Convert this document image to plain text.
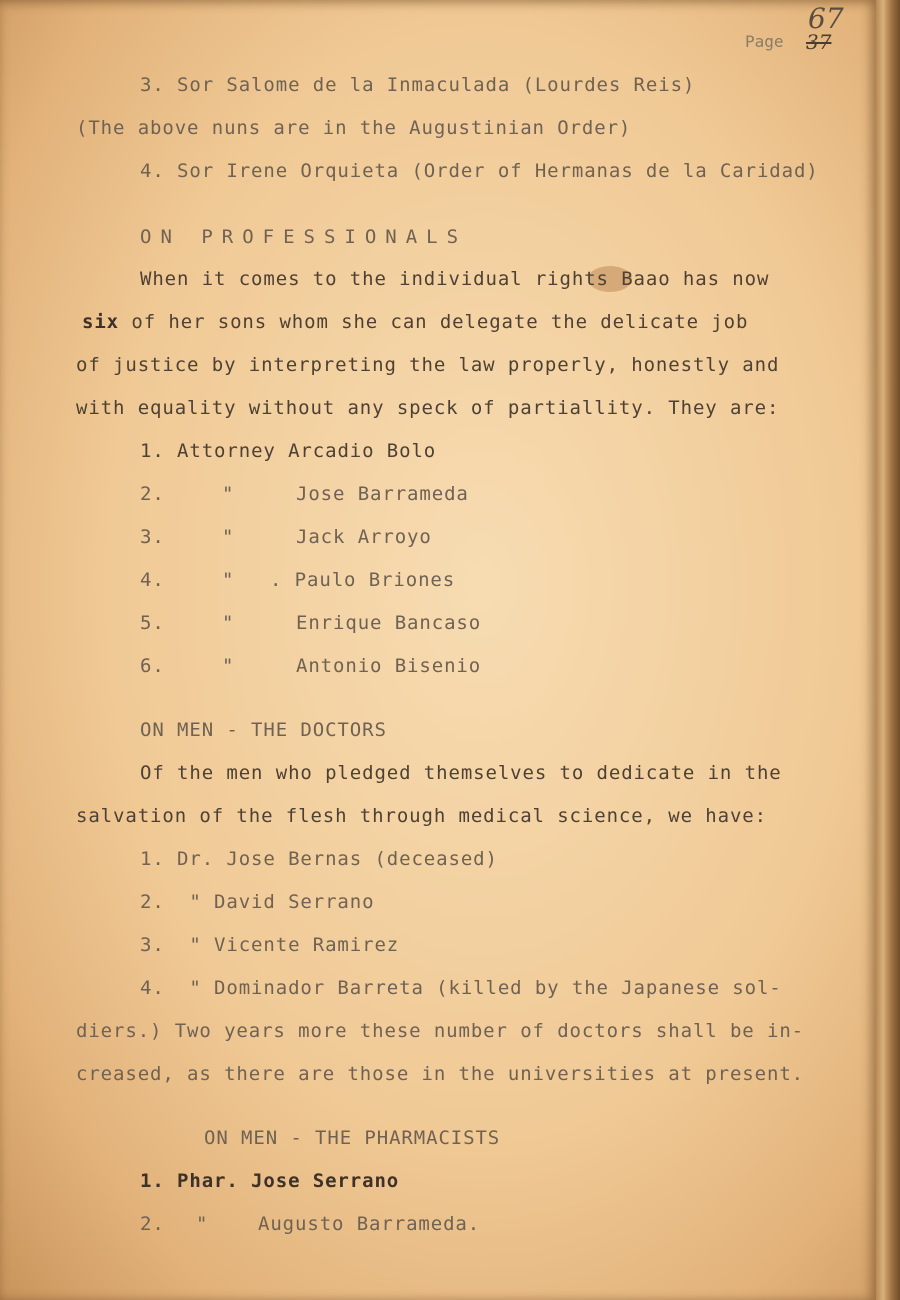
Page
67
37
3. Sor Salome de la Inmaculada (Lourdes Reis)
(The above nuns are in the Augustinian Order)
4. Sor Irene Orquieta (Order of Hermanas de la Caridad)
ON PROFESSIONALS
When it comes to the individual rights Baao has now
six of her sons whom she can delegate the delicate job
of justice by interpreting the law properly, honestly and
with equality without any speck of partiallity. They are:
1. Attorney Arcadio Bolo
2.	"	Jose Barrameda
3.	"	Jack Arroyo
4.	" . Paulo Briones
5.	"	Enrique Bancaso
6.	"	Antonio Bisenio
ON MEN - THE DOCTORS
Of the men who pledged themselves to dedicate in the
salvation of the flesh through medical science, we have:
1. Dr. Jose Bernas (deceased)
2.  " David Serrano
3.  " Vicente Ramirez
4.  " Dominador Barreta (killed by the Japanese sol-
diers.) Two years more these number of doctors shall be in-
creased, as there are those in the universities at present.
ON MEN - THE PHARMACISTS
1. Phar. Jose Serrano
2. "	Augusto Barrameda.
